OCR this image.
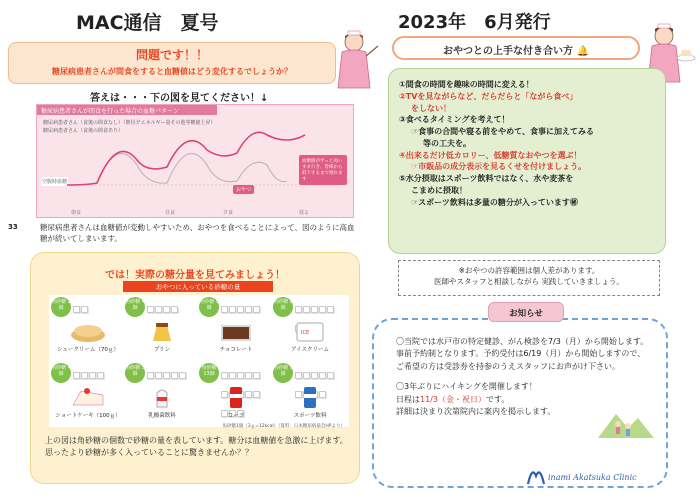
MAC通信　夏号	2023年　6月発行
問題です！！
糖尿病患者さんが間食をすると血糖値はどう変化するでしょうか？
答えは・・・下の図を見てください！↓
糖尿病患者さんが間食を行った場合の血糖パターン
糖尿病患者さん（食後の間食なし）（朝昼夕エネルギー量その他等糖値上昇）
糖尿病患者さん（食後の間食あり）
空腹時血糖
朝食	昼食	夕食	寝る
おやつ
血糖値がずっと高いまま行き、皆様から低下するまで遅れます
33	糖尿病患者さんは血糖値が変動しやすいため、おやつを食べることによって、図のように高血糖が続いてしまいます。
では！実際の糖分量を見てみましょう！
おやつに入っている砂糖の量
角砂糖 2個
シュークリーム（70ｇ）
角砂糖 4個
プリン
角砂糖 5個
チョコレート
角砂糖 8個
ICE
アイスクリーム
角砂糖 4個
ショートケーキ（100ｇ）
角砂糖 5個
乳酸菌飲料
角砂糖 13個
コーラ
角砂糖 9個
スポーツ飲料
角砂糖1個（3ｇ=12kcal）（資料：日本糖尿病協会HPより）
上の図は角砂糖の個数で砂糖の量を表しています。糖分は血糖値を急激に上げます。思ったより砂糖が多く入っていることに驚きませんか？？
おやつとの上手な付き合い方 🔔
①間食の時間を趣味の時間に変える！
②TVを見ながらなど、だらだらと「ながら食べ」
をしない！
③食べるタイミングを考えて！
☞食事の合間や寝る前をやめて、食事に加えてみる
等の工夫を。
④出来るだけ低カロリー、低糖質なおやつを選ぶ！
☞市販品の成分表示を見るくせを付けましょう。
⑤水分摂取はスポーツ飲料ではなく、水や麦茶を
こまめに摂取！
☞スポーツ飲料は多量の糖分が入っています㊙
※おやつの許容範囲は個人差があります。
医師やスタッフと相談しながら 実践していきましょう。
〇当院では水戸市の特定健診、がん検診を7/3（月）から開始します。
事前予約制となります。予約受付は6/19（月）から開始しますので、ご希望の方は受診券を持参のうえスタッフにお声がけ下さい。
〇3年ぶりにハイキングを開催します！
日程は11/3（金・祝日）です。
詳細は決まり次第院内に案内を掲示します。
お知らせ
inami Akatsuka Clinic
